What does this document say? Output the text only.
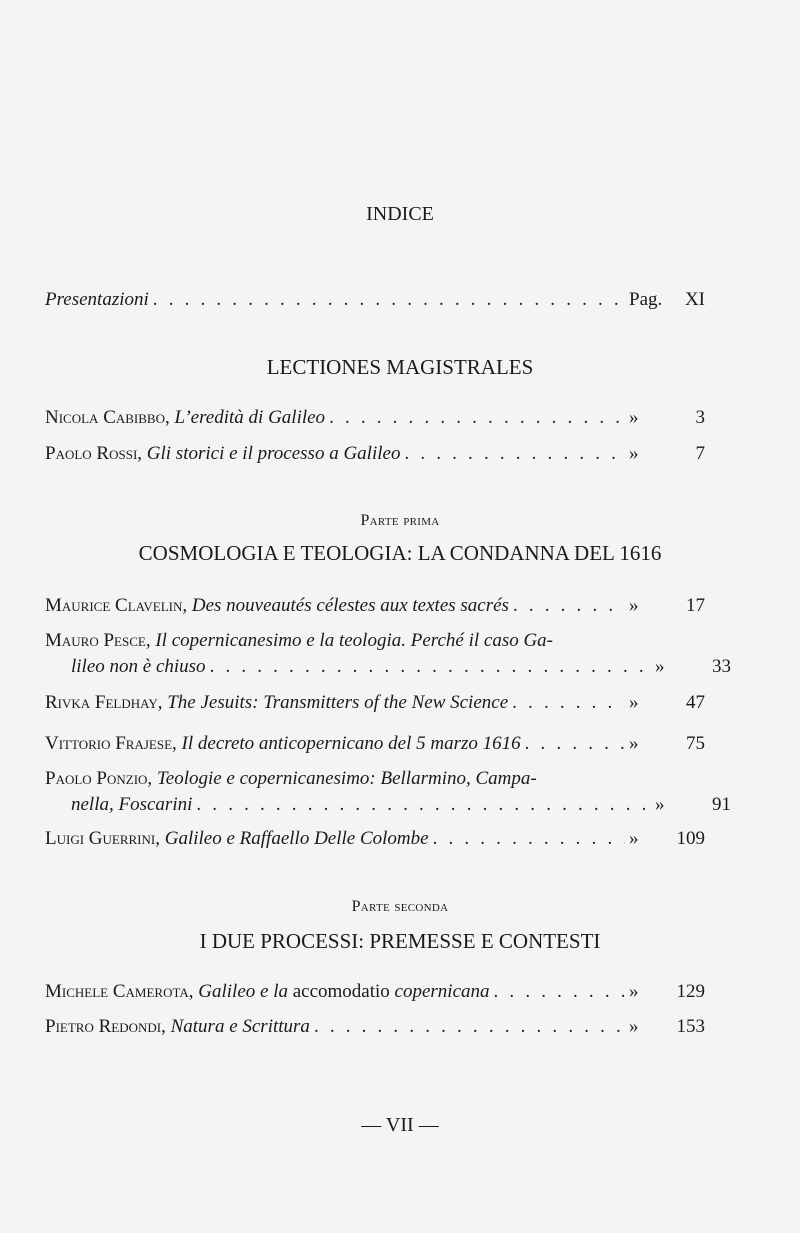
INDICE
Presentazioni . . .	Pag.	XI
LECTIONES MAGISTRALES
Nicola Cabibbo, L’eredità di Galileo . . .	»	3
Paolo Rossi, Gli storici e il processo a Galileo . . .	»	7
Parte prima
COSMOLOGIA E TEOLOGIA: LA CONDANNA DEL 1616
Maurice Clavelin, Des nouveautés célestes aux textes sacrés . . .	»	17
Mauro Pesce, Il copernicanesimo e la teologia. Perché il caso Ga-
lileo non è chiuso . . .	»	33
Rivka Feldhay, The Jesuits: Transmitters of the New Science . . .	»	47
Vittorio Frajese, Il decreto anticopernicano del 5 marzo 1616 . . .	»	75
Paolo Ponzio, Teologie e copernicanesimo: Bellarmino, Campa-
nella, Foscarini . . .	»	91
Luigi Guerrini, Galileo e Raffaello Delle Colombe . . .	»	109
Parte seconda
I DUE PROCESSI: PREMESSE E CONTESTI
Michele Camerota, Galileo e la accomodatio copernicana . . .	»	129
Pietro Redondi, Natura e Scrittura . . .	»	153
— VII —
